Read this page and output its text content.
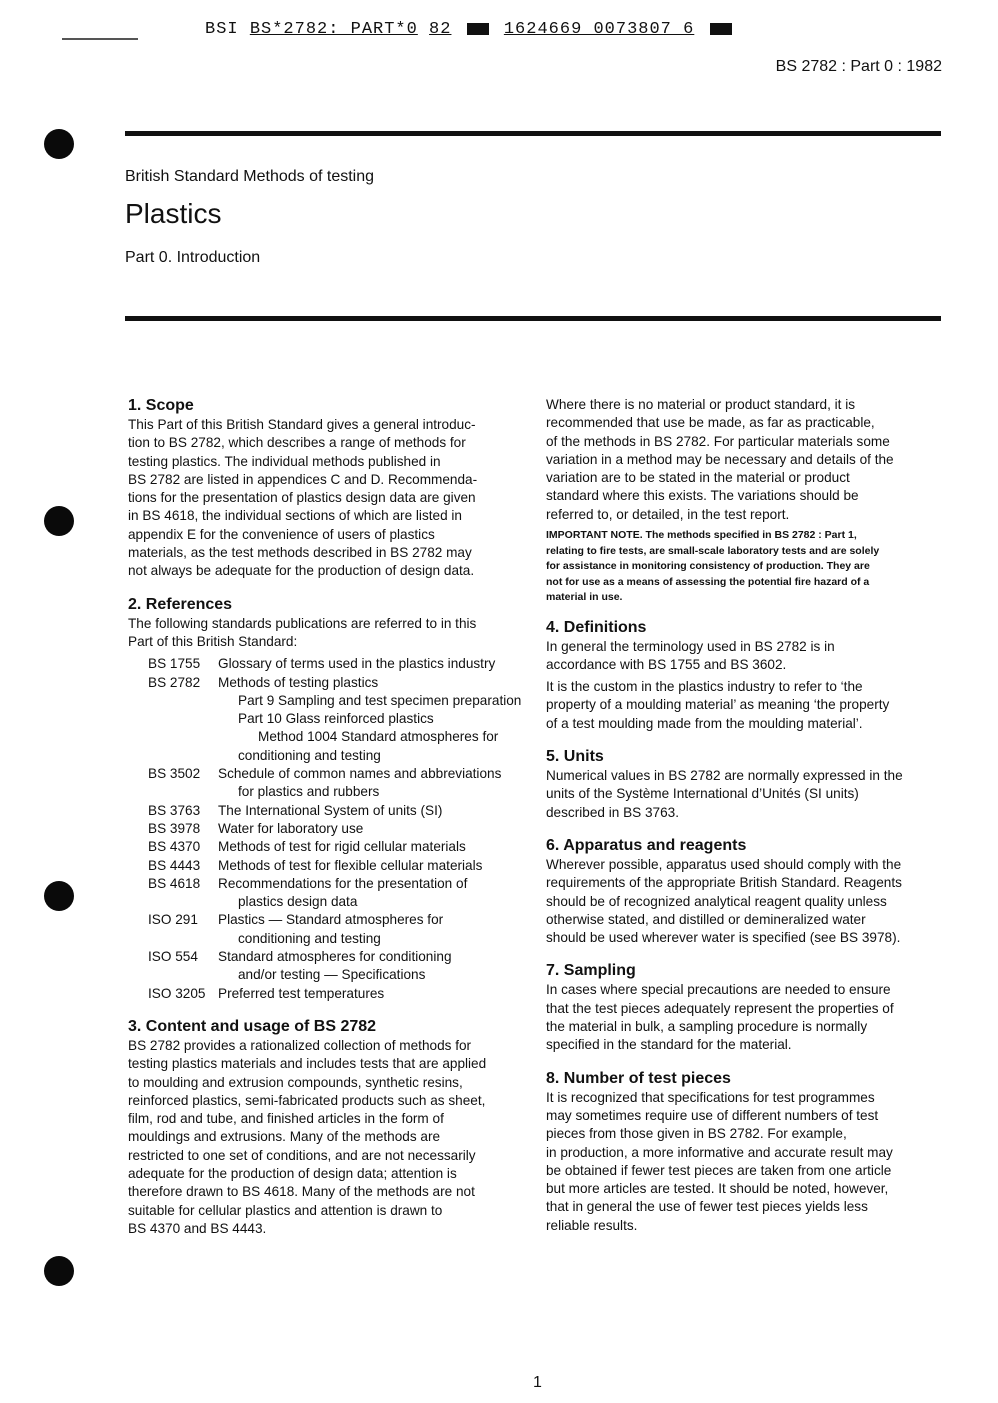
BSI BS*2782: PART*0 82	1624669 0073807 6
BS 2782 : Part 0 : 1982
British Standard Methods of testing
Plastics
Part 0. Introduction

1. Scope

This Part of this British Standard gives a general introduc-

tion to BS 2782, which describes a range of methods for

testing plastics. The individual methods published in

BS 2782 are listed in appendices C and D. Recommenda-

tions for the presentation of plastics design data are given

in BS 4618, the individual sections of which are listed in

appendix E for the convenience of users of plastics

materials, as the test methods described in BS 2782 may

not always be adequate for the production of design data.

2. References

The following standards publications are referred to in this

Part of this British Standard:

BS 1755	Glossary of terms used in the plastics industry
BS 2782	Methods of testing plastics

Part 9 Sampling and test specimen preparation

Part 10 Glass reinforced plastics

Method 1004 Standard atmospheres for

conditioning and testing

BS 3502	Schedule of common names and abbreviations

for plastics and rubbers

BS 3763	The International System of units (SI)
BS 3978	Water for laboratory use
BS 4370	Methods of test for rigid cellular materials
BS 4443	Methods of test for flexible cellular materials
BS 4618	Recommendations for the presentation of

plastics design data

ISO 291	Plastics — Standard atmospheres for

conditioning and testing

ISO 554	Standard atmospheres for conditioning

and/or testing — Specifications

ISO 3205 Preferred test temperatures

3. Content and usage of BS 2782

BS 2782 provides a rationalized collection of methods for

testing plastics materials and includes tests that are applied

to moulding and extrusion compounds, synthetic resins,

reinforced plastics, semi-fabricated products such as sheet,

film, rod and tube, and finished articles in the form of

mouldings and extrusions. Many of the methods are

restricted to one set of conditions, and are not necessarily

adequate for the production of design data; attention is

therefore drawn to BS 4618. Many of the methods are not

suitable for cellular plastics and attention is drawn to

BS 4370 and BS 4443.

Where there is no material or product standard, it is

recommended that use be made, as far as practicable,

of the methods in BS 2782. For particular materials some

variation in a method may be necessary and details of the

variation are to be stated in the material or product

standard where this exists. The variations should be

referred to, or detailed, in the test report.

IMPORTANT NOTE. The methods specified in BS 2782 : Part 1,

relating to fire tests, are small-scale laboratory tests and are solely

for assistance in monitoring consistency of production. They are

not for use as a means of assessing the potential fire hazard of a

material in use.

4. Definitions

In general the terminology used in BS 2782 is in

accordance with BS 1755 and BS 3602.

It is the custom in the plastics industry to refer to ‘the

property of a moulding material’ as meaning ‘the property

of a test moulding made from the moulding material’.

5. Units

Numerical values in BS 2782 are normally expressed in the

units of the Système International d’Unités (SI units)

described in BS 3763.

6. Apparatus and reagents

Wherever possible, apparatus used should comply with the

requirements of the appropriate British Standard. Reagents

should be of recognized analytical reagent quality unless

otherwise stated, and distilled or demineralized water

should be used wherever water is specified (see BS 3978).

7. Sampling

In cases where special precautions are needed to ensure

that the test pieces adequately represent the properties of

the material in bulk, a sampling procedure is normally

specified in the standard for the material.

8. Number of test pieces

It is recognized that specifications for test programmes

may sometimes require use of different numbers of test

pieces from those given in BS 2782. For example,

in production, a more informative and accurate result may

be obtained if fewer test pieces are taken from one article

but more articles are tested. It should be noted, however,

that in general the use of fewer test pieces yields less

reliable results.

1
